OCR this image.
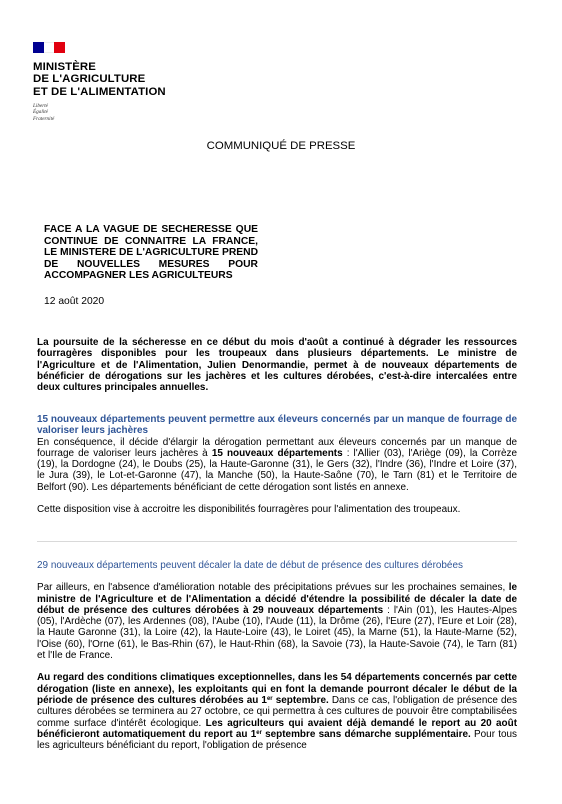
MINISTÈRE
DE L'AGRICULTURE
ET DE L'ALIMENTATION
Liberté
Égalité
Fraternité
COMMUNIQUÉ DE PRESSE
FACE A LA VAGUE DE SECHERESSE QUE CONTINUE DE CONNAITRE LA FRANCE, LE MINISTERE DE L'AGRICULTURE PREND DE NOUVELLES MESURES POUR ACCOMPAGNER LES AGRICULTEURS
12 août 2020

La poursuite de la sécheresse en ce début du mois d'août a continué à dégrader les ressources fourragères disponibles pour les troupeaux dans plusieurs départements. Le ministre de l'Agriculture et de l'Alimentation, Julien Denormandie, permet à de nouveaux départements de bénéficier de dérogations sur les jachères et les cultures dérobées, c'est-à-dire intercalées entre deux cultures principales annuelles.

15 nouveaux départements peuvent permettre aux éleveurs concernés par un manque de fourrage de valoriser leurs jachères

En conséquence, il décide d'élargir la dérogation permettant aux éleveurs concernés par un manque de fourrage de valoriser leurs jachères à 15 nouveaux départements : l'Allier (03), l'Ariège (09), la Corrèze (19), la Dordogne (24), le Doubs (25), la Haute-Garonne (31), le Gers (32), l'Indre (36), l'Indre et Loire (37), le Jura (39), le Lot-et-Garonne (47), la Manche (50), la Haute-Saône (70), le Tarn (81) et le Territoire de Belfort (90). Les départements bénéficiant de cette dérogation sont listés en annexe.

Cette disposition vise à accroitre les disponibilités fourragères pour l'alimentation des troupeaux.

29 nouveaux départements peuvent décaler la date de début de présence des cultures dérobées

Par ailleurs, en l'absence d'amélioration notable des précipitations prévues sur les prochaines semaines, le ministre de l'Agriculture et de l'Alimentation a décidé d'étendre la possibilité de décaler la date de début de présence des cultures dérobées à 29 nouveaux départements : l'Ain (01), les Hautes-Alpes (05), l'Ardèche (07), les Ardennes (08), l'Aube (10), l'Aude (11), la Drôme (26), l'Eure (27), l'Eure et Loir (28), la Haute Garonne (31), la Loire (42), la Haute-Loire (43), le Loiret (45), la Marne (51), la Haute-Marne (52), l'Oise (60), l'Orne (61), le Bas-Rhin (67), le Haut-Rhin (68), la Savoie (73), la Haute-Savoie (74), le Tarn (81) et l'Ile de France.

Au regard des conditions climatiques exceptionnelles, dans les 54 départements concernés par cette dérogation (liste en annexe), les exploitants qui en font la demande pourront décaler le début de la période de présence des cultures dérobées au 1er septembre. Dans ce cas, l'obligation de présence des cultures dérobées se terminera au 27 octobre, ce qui permettra à ces cultures de pouvoir être comptabilisées comme surface d'intérêt écologique. Les agriculteurs qui avaient déjà demandé le report au 20 août bénéficieront automatiquement du report au 1er septembre sans démarche supplémentaire. Pour tous les agriculteurs bénéficiant du report, l'obligation de présence
